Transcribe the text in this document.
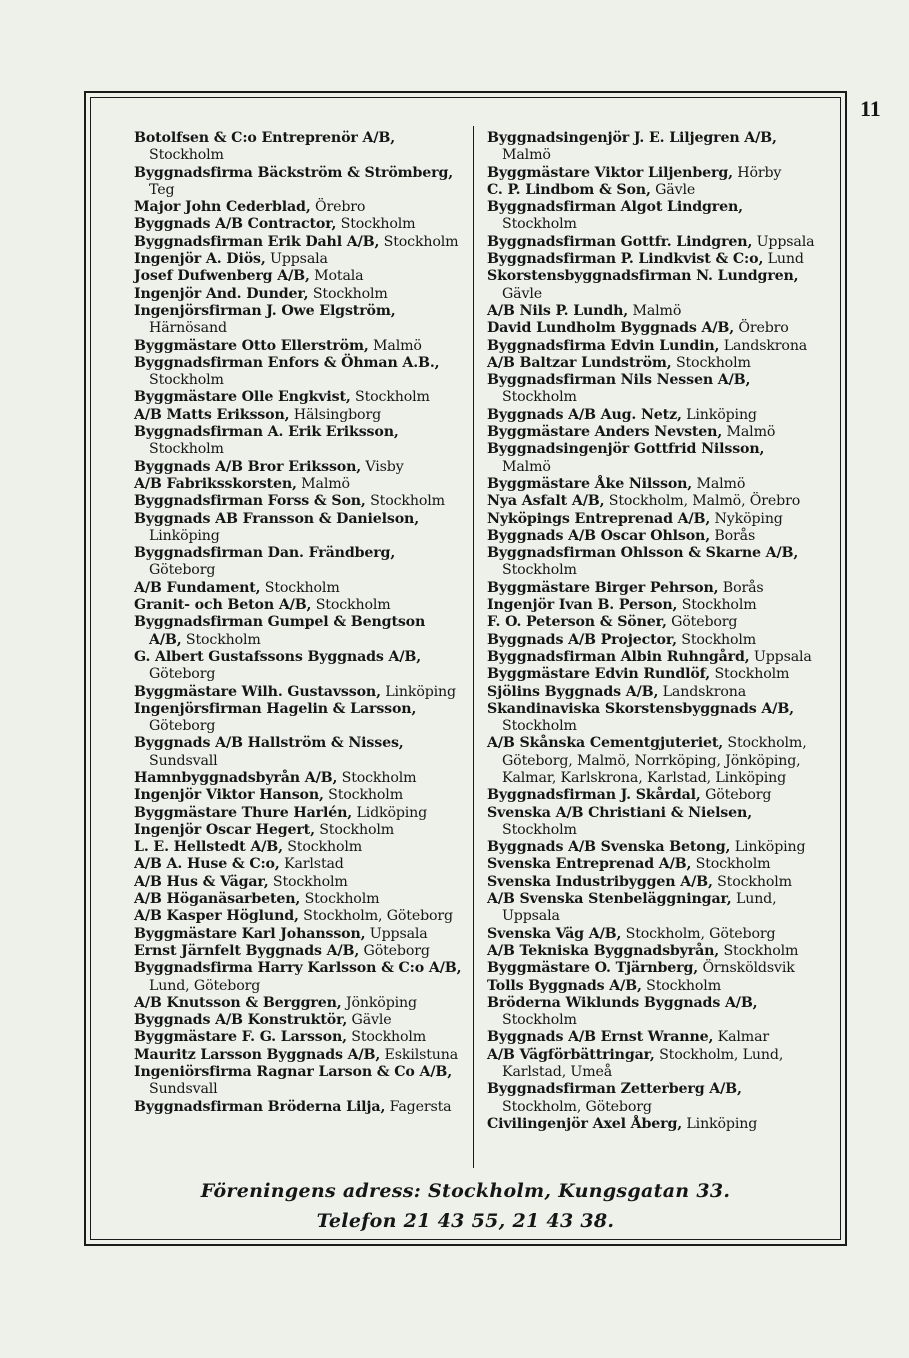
11
Botolfsen & C:o Entreprenör A/B, Stockholm
Byggnadsfirma Bäckström & Strömberg, Teg
Major John Cederblad, Örebro
Byggnads A/B Contractor, Stockholm
Byggnadsfirman Erik Dahl A/B, Stockholm
Ingenjör A. Diös, Uppsala
Josef Dufwenberg A/B, Motala
Ingenjör And. Dunder, Stockholm
Ingenjörsfirman J. Owe Elgström, Härnösand
Byggmästare Otto Ellerström, Malmö
Byggnadsfirman Enfors & Öhman A.B., Stockholm
Byggmästare Olle Engkvist, Stockholm
A/B Matts Eriksson, Hälsingborg
Byggnadsfirman A. Erik Eriksson, Stockholm
Byggnads A/B Bror Eriksson, Visby
A/B Fabriksskorsten, Malmö
Byggnadsfirman Forss & Son, Stockholm
Byggnads AB Fransson & Danielson, Linköping
Byggnadsfirman Dan. Frändberg, Göteborg
A/B Fundament, Stockholm
Granit- och Beton A/B, Stockholm
Byggnadsfirman Gumpel & Bengtson A/B, Stockholm
G. Albert Gustafssons Byggnads A/B, Göteborg
Byggmästare Wilh. Gustavsson, Linköping
Ingenjörsfirman Hagelin & Larsson, Göteborg
Byggnads A/B Hallström & Nisses, Sundsvall
Hamnbyggnadsbyrån A/B, Stockholm
Ingenjör Viktor Hanson, Stockholm
Byggmästare Thure Harlén, Lidköping
Ingenjör Oscar Hegert, Stockholm
L. E. Hellstedt A/B, Stockholm
A/B A. Huse & C:o, Karlstad
A/B Hus & Vägar, Stockholm
A/B Höganäsarbeten, Stockholm
A/B Kasper Höglund, Stockholm, Göteborg
Byggmästare Karl Johansson, Uppsala
Ernst Järnfelt Byggnads A/B, Göteborg
Byggnadsfirma Harry Karlsson & C:o A/B, Lund, Göteborg
A/B Knutsson & Berggren, Jönköping
Byggnads A/B Konstruktör, Gävle
Byggmästare F. G. Larsson, Stockholm
Mauritz Larsson Byggnads A/B, Eskilstuna
Ingeniörsfirma Ragnar Larson & Co A/B, Sundsvall
Byggnadsfirman Bröderna Lilja, Fagersta
Byggnadsingenjör J. E. Liljegren A/B, Malmö
Byggmästare Viktor Liljenberg, Hörby
C. P. Lindbom & Son, Gävle
Byggnadsfirman Algot Lindgren, Stockholm
Byggnadsfirman Gottfr. Lindgren, Uppsala
Byggnadsfirman P. Lindkvist & C:o, Lund
Skorstensbyggnadsfirman N. Lundgren, Gävle
A/B Nils P. Lundh, Malmö
David Lundholm Byggnads A/B, Örebro
Byggnadsfirma Edvin Lundin, Landskrona
A/B Baltzar Lundström, Stockholm
Byggnadsfirman Nils Nessen A/B, Stockholm
Byggnads A/B Aug. Netz, Linköping
Byggmästare Anders Nevsten, Malmö
Byggnadsingenjör Gottfrid Nilsson, Malmö
Byggmästare Åke Nilsson, Malmö
Nya Asfalt A/B, Stockholm, Malmö, Örebro
Nyköpings Entreprenad A/B, Nyköping
Byggnads A/B Oscar Ohlson, Borås
Byggnadsfirman Ohlsson & Skarne A/B, Stockholm
Byggmästare Birger Pehrson, Borås
Ingenjör Ivan B. Person, Stockholm
F. O. Peterson & Söner, Göteborg
Byggnads A/B Projector, Stockholm
Byggnadsfirman Albin Ruhngård, Uppsala
Byggmästare Edvin Rundlöf, Stockholm
Sjölins Byggnads A/B, Landskrona
Skandinaviska Skorstensbyggnads A/B, Stockholm
A/B Skånska Cementgjuteriet, Stockholm, Göteborg, Malmö, Norrköping, Jönköping, Kalmar, Karlskrona, Karlstad, Linköping
Byggnadsfirman J. Skårdal, Göteborg
Svenska A/B Christiani & Nielsen, Stockholm
Byggnads A/B Svenska Betong, Linköping
Svenska Entreprenad A/B, Stockholm
Svenska Industribyggen A/B, Stockholm
A/B Svenska Stenbeläggningar, Lund, Uppsala
Svenska Väg A/B, Stockholm, Göteborg
A/B Tekniska Byggnadsbyrån, Stockholm
Byggmästare O. Tjärnberg, Örnsköldsvik
Tolls Byggnads A/B, Stockholm
Bröderna Wiklunds Byggnads A/B, Stockholm
Byggnads A/B Ernst Wranne, Kalmar
A/B Vägförbättringar, Stockholm, Lund, Karlstad, Umeå
Byggnadsfirman Zetterberg A/B, Stockholm, Göteborg
Civilingenjör Axel Åberg, Linköping
Föreningens adress: Stockholm, Kungsgatan 33.
Telefon 21 43 55, 21 43 38.
